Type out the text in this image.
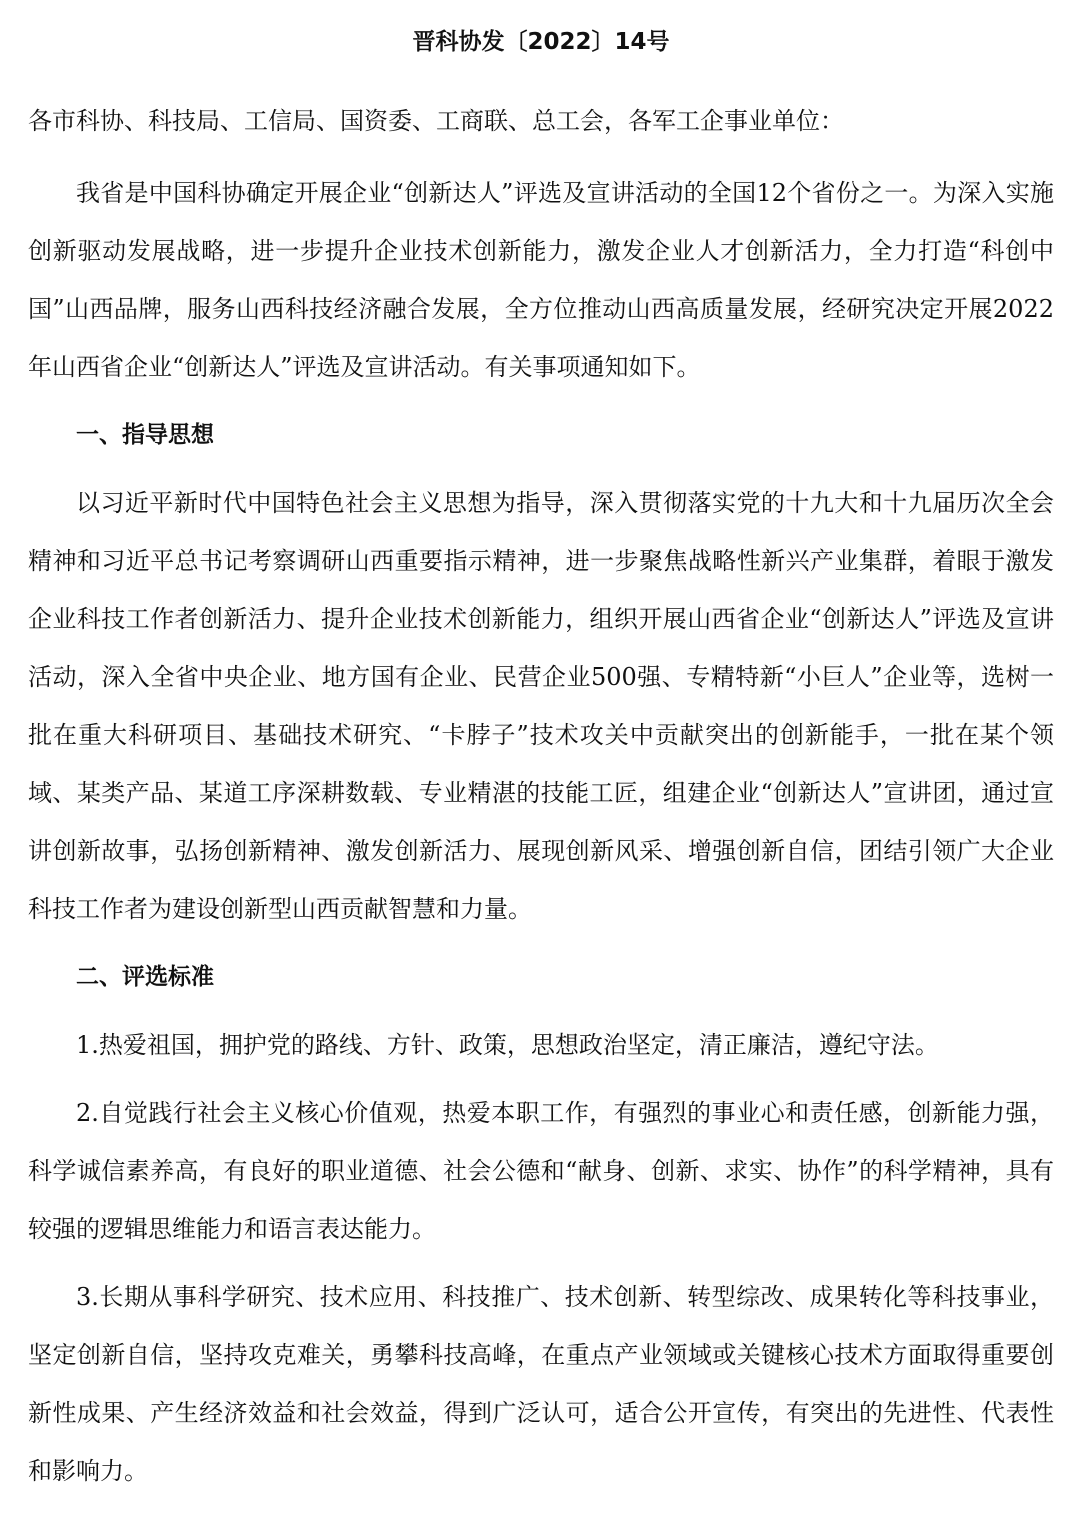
晋科协发〔2022〕14号

各市科协、科技局、工信局、国资委、工商联、总工会，各军工企事业单位：

我省是中国科协确定开展企业“创新达人”评选及宣讲活动的全国12个省份之一。为深入实施创新驱动发展战略，进一步提升企业技术创新能力，激发企业人才创新活力，全力打造“科创中国”山西品牌，服务山西科技经济融合发展，全方位推动山西高质量发展，经研究决定开展2022年山西省企业“创新达人”评选及宣讲活动。有关事项通知如下。

一、指导思想

以习近平新时代中国特色社会主义思想为指导，深入贯彻落实党的十九大和十九届历次全会精神和习近平总书记考察调研山西重要指示精神，进一步聚焦战略性新兴产业集群，着眼于激发企业科技工作者创新活力、提升企业技术创新能力，组织开展山西省企业“创新达人”评选及宣讲活动，深入全省中央企业、地方国有企业、民营企业500强、专精特新“小巨人”企业等，选树一批在重大科研项目、基础技术研究、“卡脖子”技术攻关中贡献突出的创新能手，一批在某个领域、某类产品、某道工序深耕数载、专业精湛的技能工匠，组建企业“创新达人”宣讲团，通过宣讲创新故事，弘扬创新精神、激发创新活力、展现创新风采、增强创新自信，团结引领广大企业科技工作者为建设创新型山西贡献智慧和力量。

二、评选标准

1.热爱祖国，拥护党的路线、方针、政策，思想政治坚定，清正廉洁，遵纪守法。

2.自觉践行社会主义核心价值观，热爱本职工作，有强烈的事业心和责任感，创新能力强，科学诚信素养高，有良好的职业道德、社会公德和“献身、创新、求实、协作”的科学精神，具有较强的逻辑思维能力和语言表达能力。

3.长期从事科学研究、技术应用、科技推广、技术创新、转型综改、成果转化等科技事业，坚定创新自信，坚持攻克难关，勇攀科技高峰，在重点产业领域或关键核心技术方面取得重要创新性成果、产生经济效益和社会效益，得到广泛认可，适合公开宣传，有突出的先进性、代表性和影响力。
